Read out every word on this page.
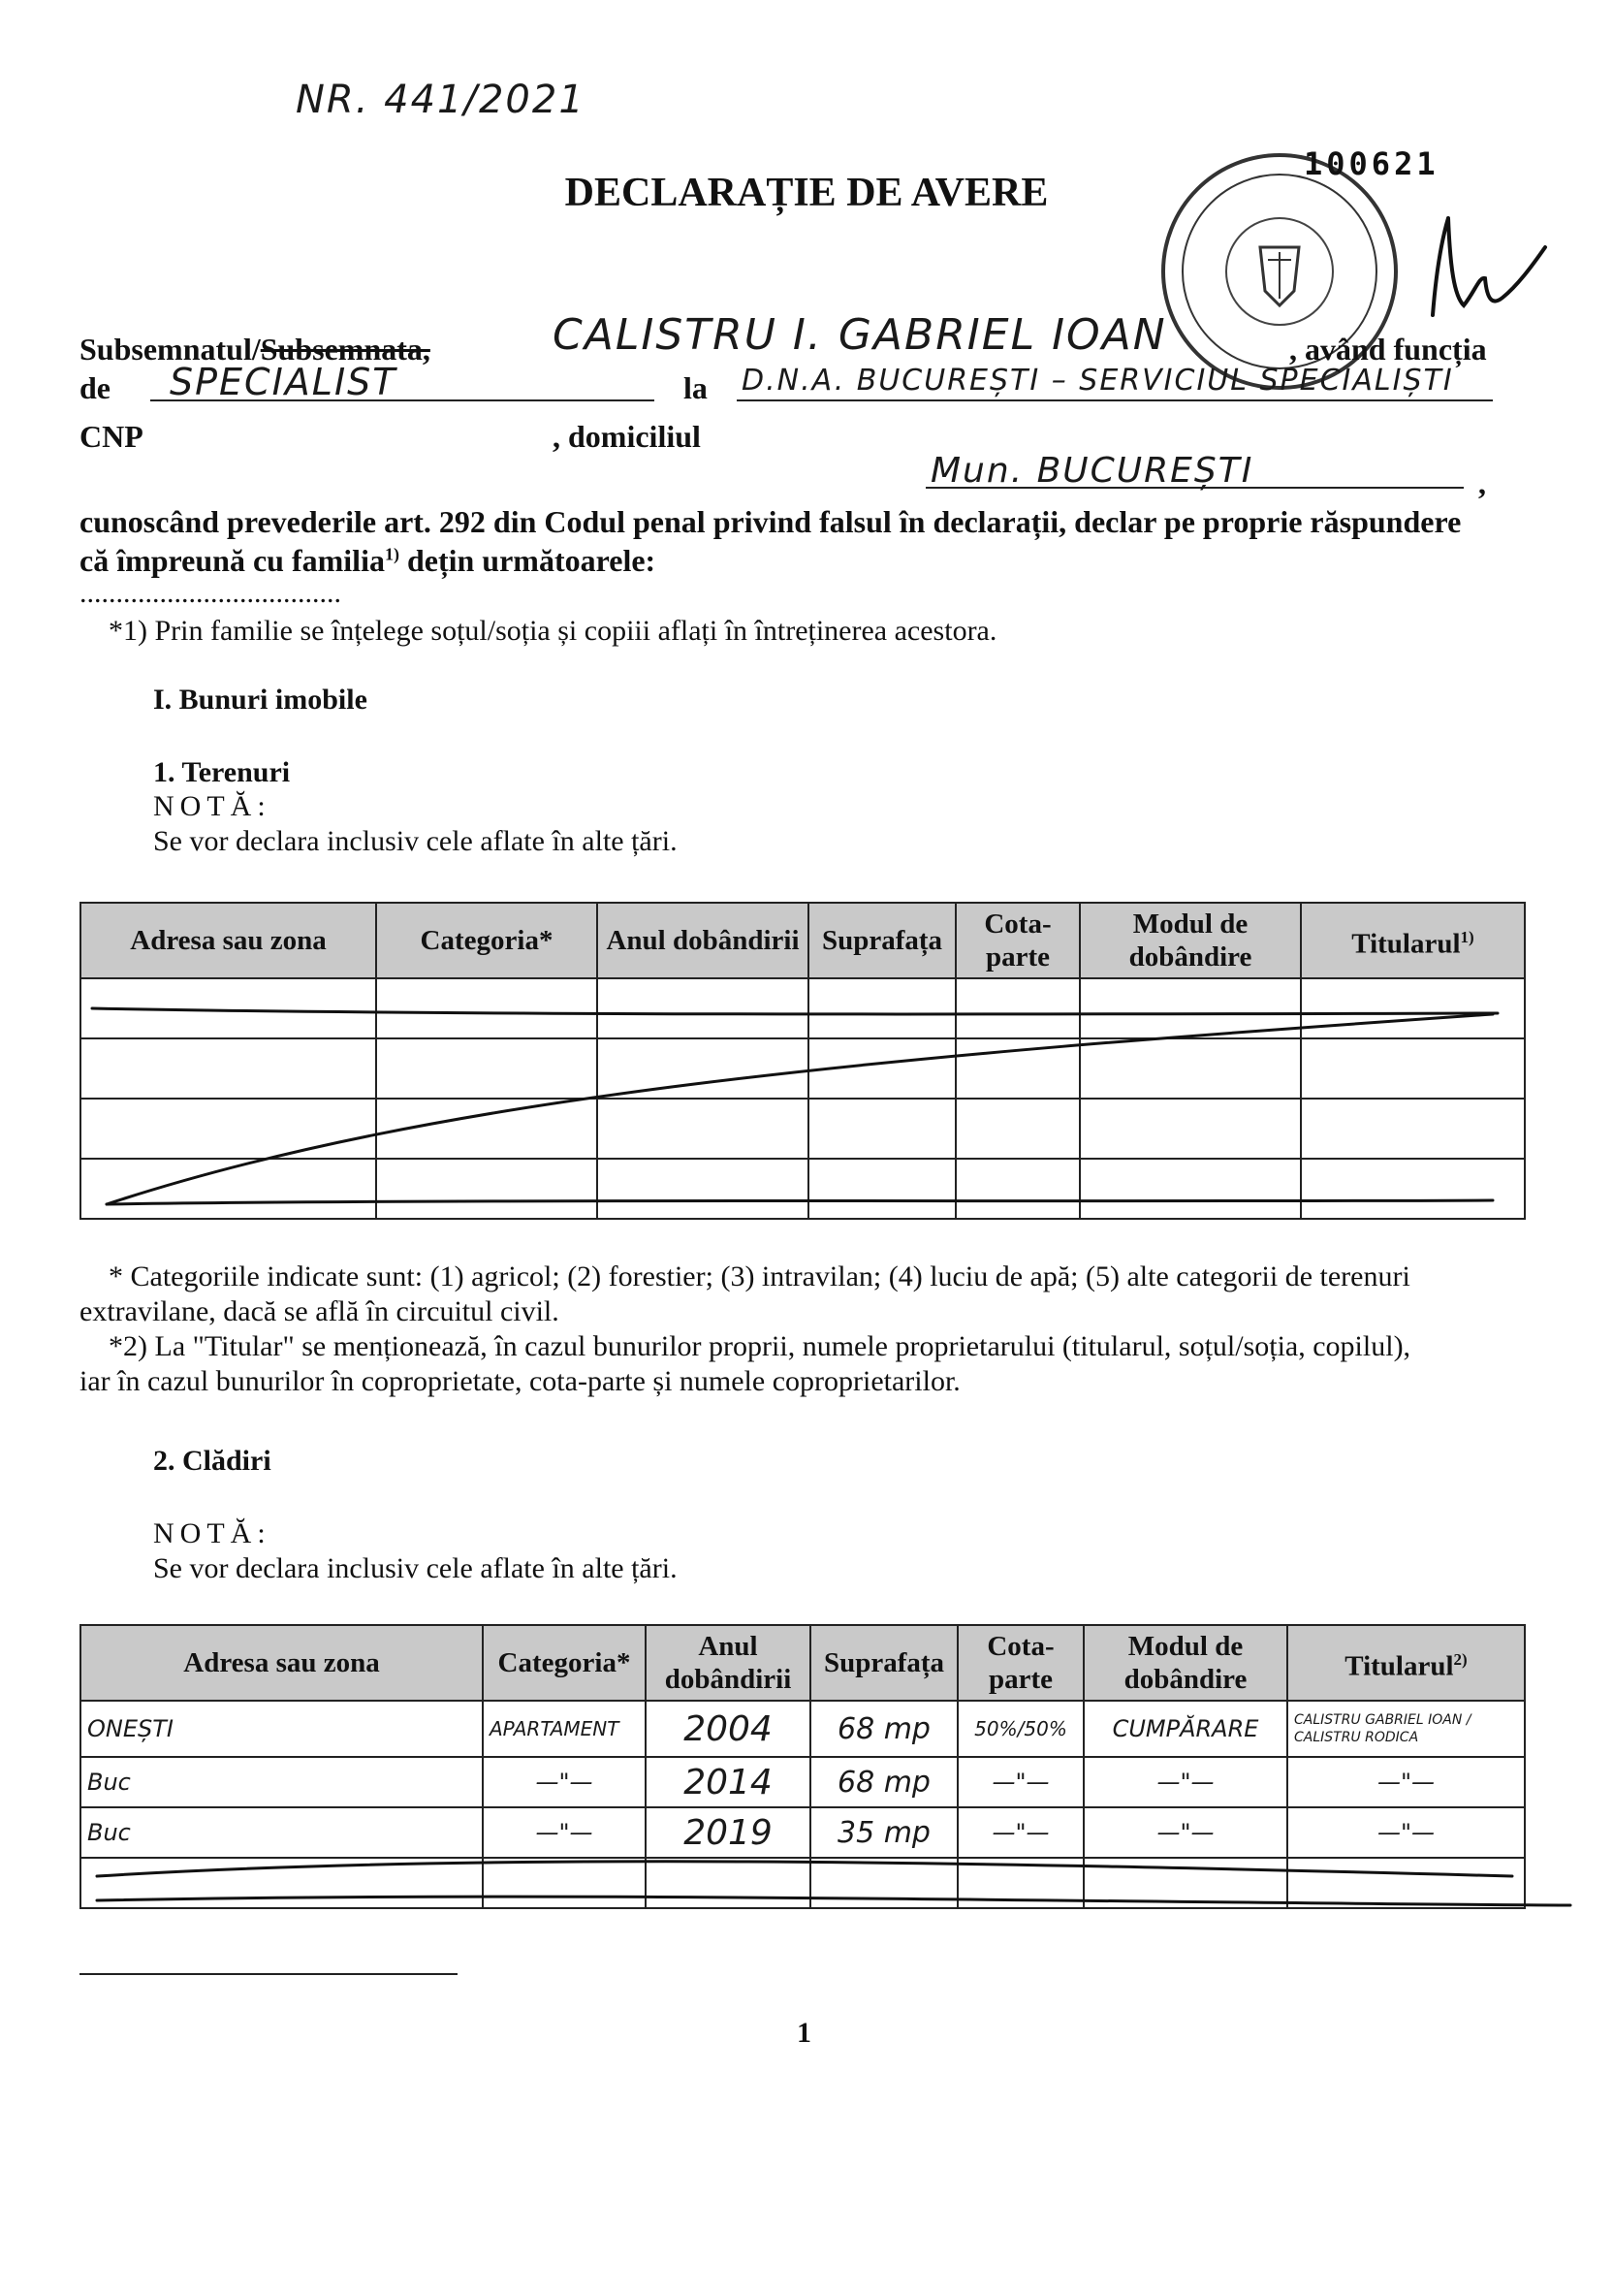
NR. 441/2021
DECLARAȚIE DE AVERE
100621
Subsemnatul/Subsemnata,	CALISTRU I. GABRIEL IOAN	, având funcția
de SPECIALIST	la D.N.A. BUCUREȘTI – SERVICIUL SPECIALIȘTI
CNP	, domiciliul
Mun. BUCUREȘTI	,
cunoscând prevederile art. 292 din Codul penal privind falsul în declarații, declar pe proprie răspundere
că împreună cu familia$^{1)}$ dețin următoarele:
....................................
*1) Prin familie se înțelege soțul/soția și copiii aflați în întreținerea acestora.
I. Bunuri imobile
1. Terenuri
NOTĂ:
Se vor declara inclusiv cele aflate în alte țări.
Adresa sau zona	Categoria*	Anul dobândirii	Suprafața	Cota-parte	Modul de dobândire	Titularul$^{1)}$

* Categoriile indicate sunt: (1) agricol; (2) forestier; (3) intravilan; (4) luciu de apă; (5) alte categorii de terenuri
extravilane, dacă se află în circuitul civil.
*2) La "Titular" se menționează, în cazul bunurilor proprii, numele proprietarului (titularul, soțul/soția, copilul),
iar în cazul bunurilor în coproprietate, cota-parte și numele coproprietarilor.
2. Clădiri
NOTĂ:
Se vor declara inclusiv cele aflate în alte țări.
Adresa sau zona	Categoria*	Anul dobândirii	Suprafața	Cota-parte	Modul de dobândire	Titularul$^{2)}$
ONEȘTI	APARTAMENT	2004	68 mp	50%/50%	CUMPĂRARE	CALISTRU GABRIEL IOAN / CALISTRU RODICA
Buc	—"—	2014	68 mp	—"—	—"—	—"—
Buc	—"—	2019	35 mp	—"—	—"—	—"—

1
